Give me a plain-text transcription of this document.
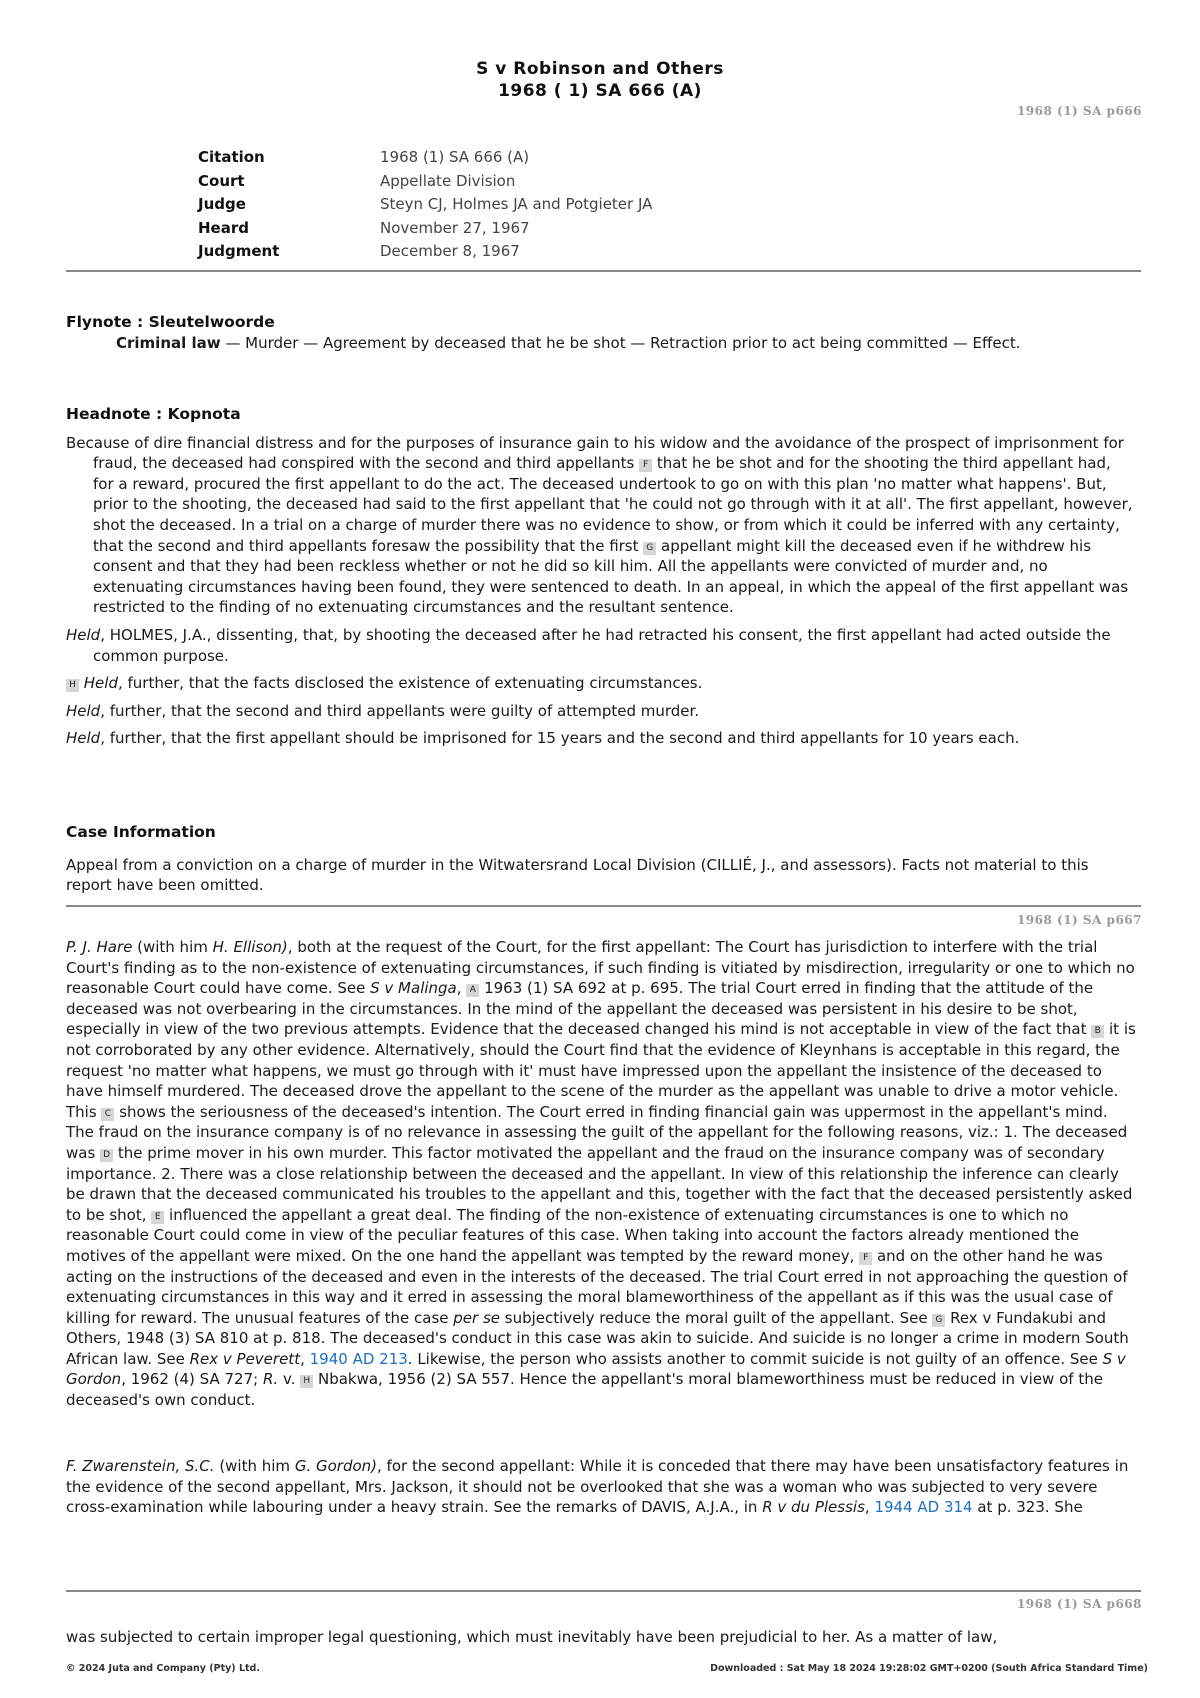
S v Robinson and Others
1968 ( 1) SA 666 (A)
1968 (1) SA p666
Citation	1968 (1) SA 666 (A)
Court	Appellate Division
Judge	Steyn CJ, Holmes JA and Potgieter JA
Heard	November 27, 1967
Judgment	December 8, 1967
Flynote : Sleutelwoorde
Criminal law — Murder — Agreement by deceased that he be shot — Retraction prior to act being committed — Effect.
Headnote : Kopnota

Because of dire financial distress and for the purposes of insurance gain to his widow and the avoidance of the prospect of imprisonment for fraud, the deceased had conspired with the second and third appellants F that he be shot and for the shooting the third appellant had, for a reward, procured the first appellant to do the act. The deceased undertook to go on with this plan 'no matter what happens'. But, prior to the shooting, the deceased had said to the first appellant that 'he could not go through with it at all'. The first appellant, however, shot the deceased. In a trial on a charge of murder there was no evidence to show, or from which it could be inferred with any certainty, that the second and third appellants foresaw the possibility that the first G appellant might kill the deceased even if he withdrew his consent and that they had been reckless whether or not he did so kill him. All the appellants were convicted of murder and, no extenuating circumstances having been found, they were sentenced to death. In an appeal, in which the appeal of the first appellant was restricted to the finding of no extenuating circumstances and the resultant sentence.

Held, HOLMES, J.A., dissenting, that, by shooting the deceased after he had retracted his consent, the first appellant had acted outside the common purpose.

H Held, further, that the facts disclosed the existence of extenuating circumstances.

Held, further, that the second and third appellants were guilty of attempted murder.

Held, further, that the first appellant should be imprisoned for 15 years and the second and third appellants for 10 years each.

Case Information
Appeal from a conviction on a charge of murder in the Witwatersrand Local Division (CILLIÉ, J., and assessors). Facts not material to this report have been omitted.
1968 (1) SA p667
P. J. Hare (with him H. Ellison), both at the request of the Court, for the first appellant: The Court has jurisdiction to interfere with the trial Court's finding as to the non-existence of extenuating circumstances, if such finding is vitiated by misdirection, irregularity or one to which no reasonable Court could have come. See S v Malinga, A 1963 (1) SA 692 at p. 695. The trial Court erred in finding that the attitude of the deceased was not overbearing in the circumstances. In the mind of the appellant the deceased was persistent in his desire to be shot, especially in view of the two previous attempts. Evidence that the deceased changed his mind is not acceptable in view of the fact that B it is not corroborated by any other evidence. Alternatively, should the Court find that the evidence of Kleynhans is acceptable in this regard, the request 'no matter what happens, we must go through with it' must have impressed upon the appellant the insistence of the deceased to have himself murdered. The deceased drove the appellant to the scene of the murder as the appellant was unable to drive a motor vehicle. This C shows the seriousness of the deceased's intention. The Court erred in finding financial gain was uppermost in the appellant's mind. The fraud on the insurance company is of no relevance in assessing the guilt of the appellant for the following reasons, viz.: 1. The deceased was D the prime mover in his own murder. This factor motivated the appellant and the fraud on the insurance company was of secondary importance. 2. There was a close relationship between the deceased and the appellant. In view of this relationship the inference can clearly be drawn that the deceased communicated his troubles to the appellant and this, together with the fact that the deceased persistently asked to be shot, E influenced the appellant a great deal. The finding of the non-existence of extenuating circumstances is one to which no reasonable Court could come in view of the peculiar features of this case. When taking into account the factors already mentioned the motives of the appellant were mixed. On the one hand the appellant was tempted by the reward money, F and on the other hand he was acting on the instructions of the deceased and even in the interests of the deceased. The trial Court erred in not approaching the question of extenuating circumstances in this way and it erred in assessing the moral blameworthiness of the appellant as if this was the usual case of killing for reward. The unusual features of the case per se subjectively reduce the moral guilt of the appellant. See G Rex v Fundakubi and Others, 1948 (3) SA 810 at p. 818. The deceased's conduct in this case was akin to suicide. And suicide is no longer a crime in modern South African law. See Rex v Peverett, 1940 AD 213. Likewise, the person who assists another to commit suicide is not guilty of an offence. See S v Gordon, 1962 (4) SA 727; R. v. H Nbakwa, 1956 (2) SA 557. Hence the appellant's moral blameworthiness must be reduced in view of the deceased's own conduct.
F. Zwarenstein, S.C. (with him G. Gordon), for the second appellant: While it is conceded that there may have been unsatisfactory features in the evidence of the second appellant, Mrs. Jackson, it should not be overlooked that she was a woman who was subjected to very severe cross-examination while labouring under a heavy strain. See the remarks of DAVIS, A.J.A., in R v du Plessis, 1944 AD 314 at p. 323. She
1968 (1) SA p668
was subjected to certain improper legal questioning, which must inevitably have been prejudicial to her. As a matter of law,
© 2024 Juta and Company (Pty) Ltd.	Downloaded : Sat May 18 2024 19:28:02 GMT+0200 (South Africa Standard Time)
